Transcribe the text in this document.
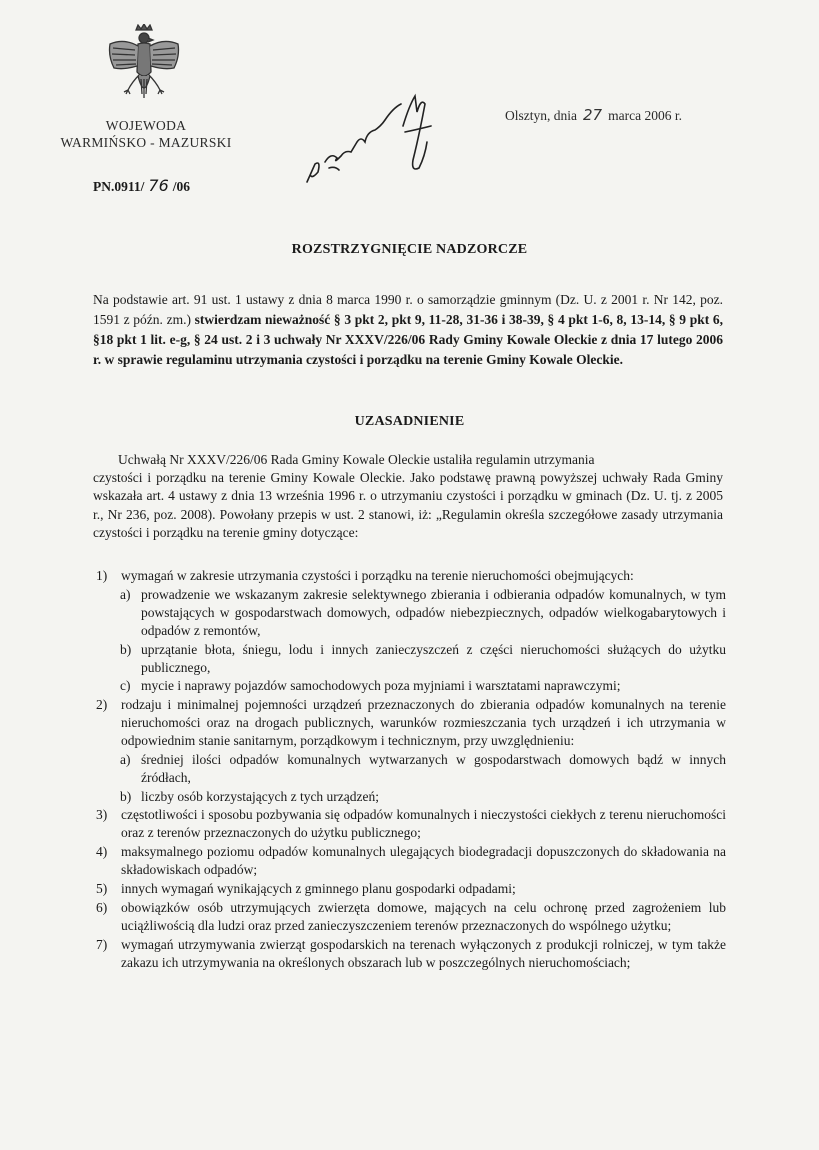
WOJEWODA
WARMIŃSKO - MAZURSKI
Olsztyn, dnia 27 marca 2006 r.
PN.0911/ 76 /06
ROZSTRZYGNIĘCIE NADZORCZE
Na podstawie art. 91 ust. 1 ustawy z dnia 8 marca 1990 r. o samorządzie gminnym (Dz. U. z 2001 r. Nr 142, poz. 1591 z późn. zm.) stwierdzam nieważność § 3 pkt 2, pkt 9, 11-28, 31-36 i 38-39, § 4 pkt 1-6, 8, 13-14, § 9 pkt 6, §18 pkt 1 lit. e-g, § 24 ust. 2 i 3 uchwały Nr XXXV/226/06 Rady Gminy Kowale Oleckie z dnia 17 lutego 2006 r. w sprawie regulaminu utrzymania czystości i porządku na terenie Gminy Kowale Oleckie.
UZASADNIENIE
Uchwałą Nr XXXV/226/06 Rada Gminy Kowale Oleckie ustaliła regulamin utrzymania
czystości i porządku na terenie Gminy Kowale Oleckie. Jako podstawę prawną powyższej uchwały Rada Gminy wskazała art. 4 ustawy z dnia 13 września 1996 r. o utrzymaniu czystości i porządku w gminach (Dz. U. tj. z 2005 r., Nr 236, poz. 2008). Powołany przepis w ust. 2 stanowi, iż: „Regulamin określa szczegółowe zasady utrzymania czystości i porządku na terenie gminy dotyczące:
1) wymagań w zakresie utrzymania czystości i porządku na terenie nieruchomości obejmujących:
a) prowadzenie we wskazanym zakresie selektywnego zbierania i odbierania odpadów komunalnych, w tym powstających w gospodarstwach domowych, odpadów niebezpiecznych, odpadów wielkogabarytowych i odpadów z remontów,
b) uprzątanie błota, śniegu, lodu i innych zanieczyszczeń z części nieruchomości służących do użytku publicznego,
c) mycie i naprawy pojazdów samochodowych poza myjniami i warsztatami naprawczymi;
2) rodzaju i minimalnej pojemności urządzeń przeznaczonych do zbierania odpadów komunalnych na terenie nieruchomości oraz na drogach publicznych, warunków rozmieszczania tych urządzeń i ich utrzymania w odpowiednim stanie sanitarnym, porządkowym i technicznym, przy uwzględnieniu:
a) średniej ilości odpadów komunalnych wytwarzanych w gospodarstwach domowych bądź w innych źródłach,
b) liczby osób korzystających z tych urządzeń;
3) częstotliwości i sposobu pozbywania się odpadów komunalnych i nieczystości ciekłych z terenu nieruchomości oraz z terenów przeznaczonych do użytku publicznego;
4) maksymalnego poziomu odpadów komunalnych ulegających biodegradacji dopuszczonych do składowania na składowiskach odpadów;
5) innych wymagań wynikających z gminnego planu gospodarki odpadami;
6) obowiązków osób utrzymujących zwierzęta domowe, mających na celu ochronę przed zagrożeniem lub uciążliwością dla ludzi oraz przed zanieczyszczeniem terenów przeznaczonych do wspólnego użytku;
7) wymagań utrzymywania zwierząt gospodarskich na terenach wyłączonych z produkcji rolniczej, w tym także zakazu ich utrzymywania na określonych obszarach lub w poszczególnych nieruchomościach;
